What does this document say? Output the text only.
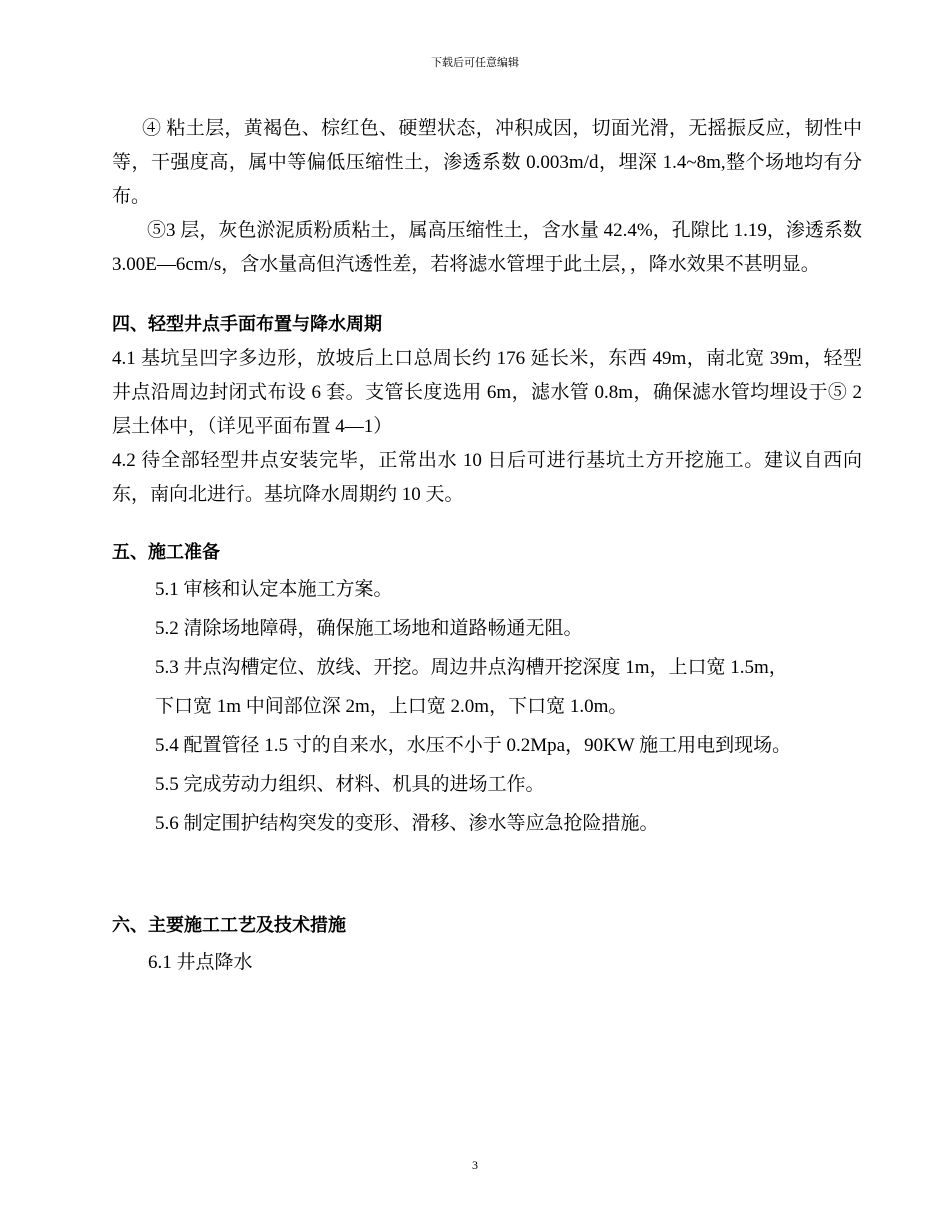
下载后可任意编辑

④ 粘土层，黄褐色、棕红色、硬塑状态，冲积成因，切面光滑，无摇振反应，韧性中等，干强度高，属中等偏低压缩性土，渗透系数 0.003m/d，埋深 1.4~8m,整个场地均有分布。

⑤3 层，灰色淤泥质粉质粘土，属高压缩性土，含水量 42.4%，孔隙比 1.19，渗透系数 3.00E—6cm/s，含水量高但汽透性差，若将滤水管埋于此土层，，降水效果不甚明显。

四、轻型井点手面布置与降水周期

4.1 基坑呈凹字多边形，放坡后上口总周长约 176 延长米，东西 49m，南北宽 39m，轻型井点沿周边封闭式布设 6 套。支管长度选用 6m，滤水管 0.8m，确保滤水管均埋设于⑤ 2 层土体中，（详见平面布置 4—1）

4.2 待全部轻型井点安装完毕，正常出水 10 日后可进行基坑土方开挖施工。建议自西向东，南向北进行。基坑降水周期约 10 天。

五、施工准备

5.1 审核和认定本施工方案。

5.2 清除场地障碍，确保施工场地和道路畅通无阻。

5.3 井点沟槽定位、放线、开挖。周边井点沟槽开挖深度 1m，上口宽 1.5m，下口宽 1m 中间部位深 2m，上口宽 2.0m，下口宽 1.0m。

5.4 配置管径 1.5 寸的自来水，水压不小于 0.2Mpa，90KW 施工用电到现场。

5.5 完成劳动力组织、材料、机具的进场工作。

5.6 制定围护结构突发的变形、滑移、渗水等应急抢险措施。

六、主要施工工艺及技术措施

6.1 井点降水

3
